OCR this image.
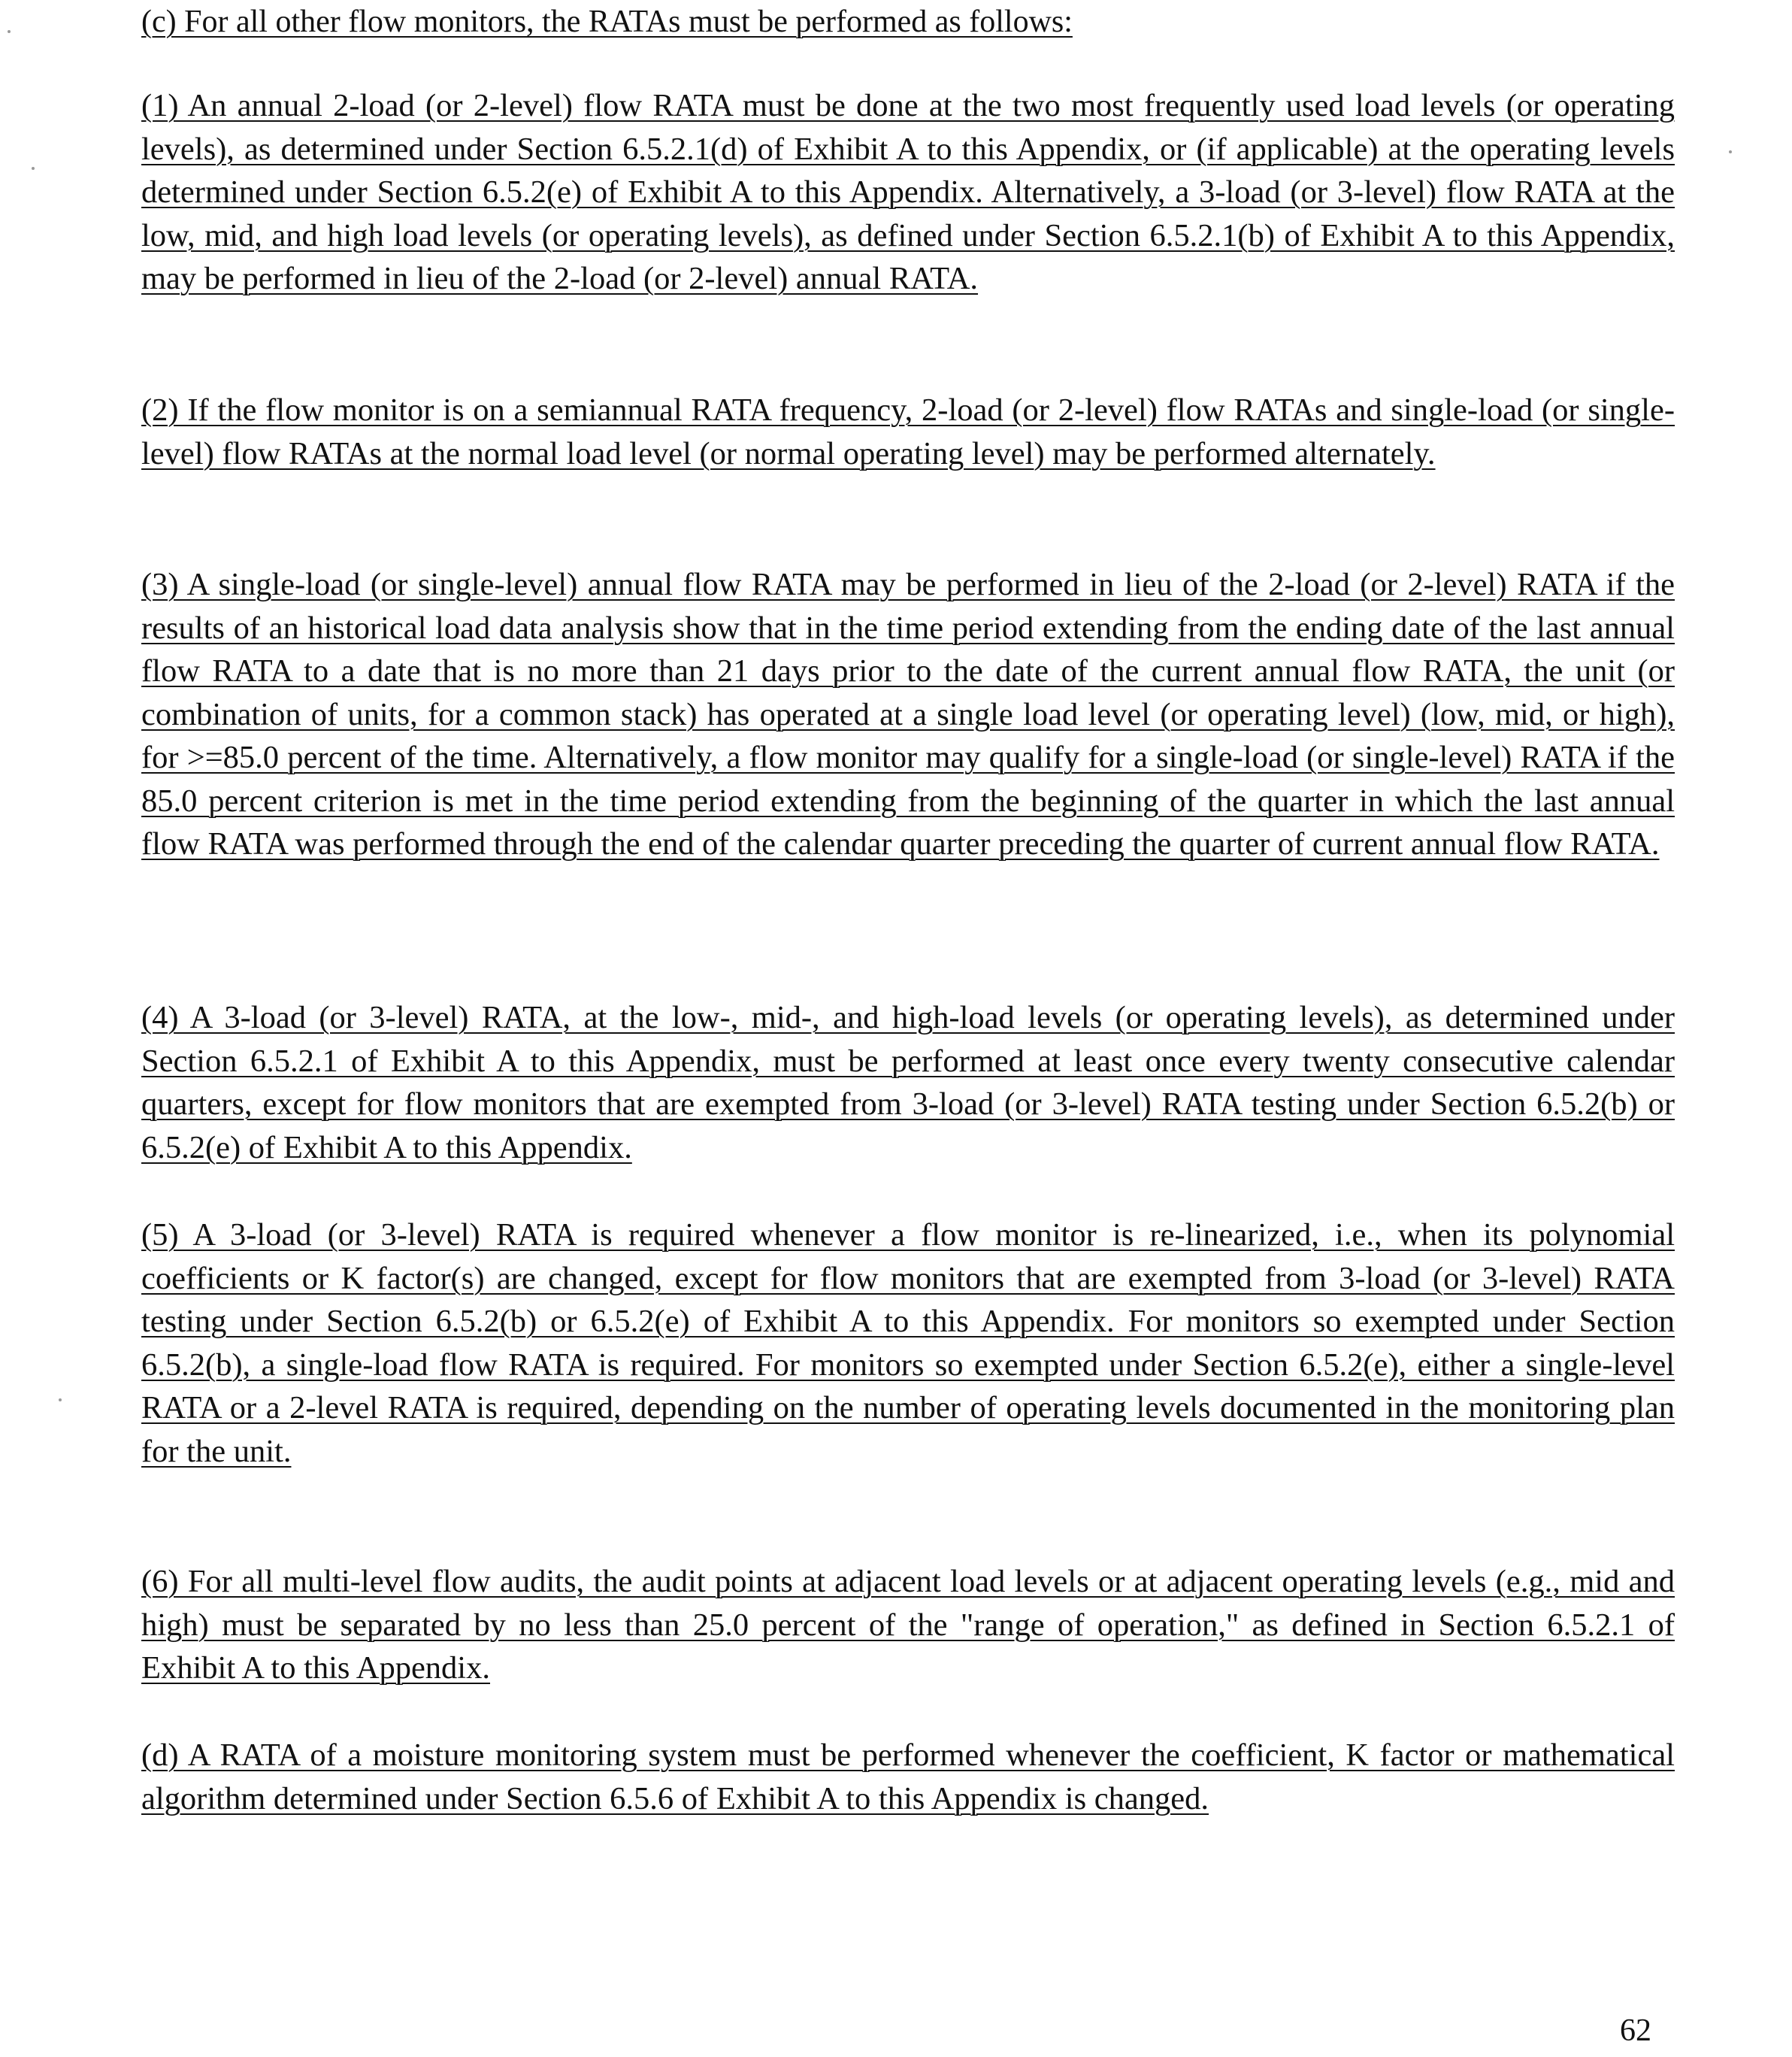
(c) For all other flow monitors, the RATAs must be performed as follows:

(1) An annual 2-load (or 2-level) flow RATA must be done at the two most frequently used load levels (or operating levels), as determined under Section 6.5.2.1(d) of Exhibit A to this Appendix, or (if applicable) at the operating levels determined under Section 6.5.2(e) of Exhibit A to this Appendix. Alternatively, a 3-load (or 3-level) flow RATA at the low, mid, and high load levels (or operating levels), as defined under Section 6.5.2.1(b) of Exhibit A to this Appendix, may be performed in lieu of the 2-load (or 2-level) annual RATA.

(2) If the flow monitor is on a semiannual RATA frequency, 2-load (or 2-level) flow RATAs and single-load (or single-level) flow RATAs at the normal load level (or normal operating level) may be performed alternately.

(3) A single-load (or single-level) annual flow RATA may be performed in lieu of the 2-load (or 2-level) RATA if the results of an historical load data analysis show that in the time period extending from the ending date of the last annual flow RATA to a date that is no more than 21 days prior to the date of the current annual flow RATA, the unit (or combination of units, for a common stack) has operated at a single load level (or operating level) (low, mid, or high), for >=85.0 percent of the time. Alternatively, a flow monitor may qualify for a single-load (or single-level) RATA if the 85.0 percent criterion is met in the time period extending from the beginning of the quarter in which the last annual flow RATA was performed through the end of the calendar quarter preceding the quarter of current annual flow RATA.

(4) A 3-load (or 3-level) RATA, at the low-, mid-, and high-load levels (or operating levels), as determined under Section 6.5.2.1 of Exhibit A to this Appendix, must be performed at least once every twenty consecutive calendar quarters, except for flow monitors that are exempted from 3-load (or 3-level) RATA testing under Section 6.5.2(b) or 6.5.2(e) of Exhibit A to this Appendix.

(5) A 3-load (or 3-level) RATA is required whenever a flow monitor is re-linearized, i.e., when its polynomial coefficients or K factor(s) are changed, except for flow monitors that are exempted from 3-load (or 3-level) RATA testing under Section 6.5.2(b) or 6.5.2(e) of Exhibit A to this Appendix. For monitors so exempted under Section 6.5.2(b), a single-load flow RATA is required. For monitors so exempted under Section 6.5.2(e), either a single-level RATA or a 2-level RATA is required, depending on the number of operating levels documented in the monitoring plan for the unit.

(6) For all multi-level flow audits, the audit points at adjacent load levels or at adjacent operating levels (e.g., mid and high) must be separated by no less than 25.0 percent of the "range of operation," as defined in Section 6.5.2.1 of Exhibit A to this Appendix.

(d) A RATA of a moisture monitoring system must be performed whenever the coefficient, K factor or mathematical algorithm determined under Section 6.5.6 of Exhibit A to this Appendix is changed.

62
